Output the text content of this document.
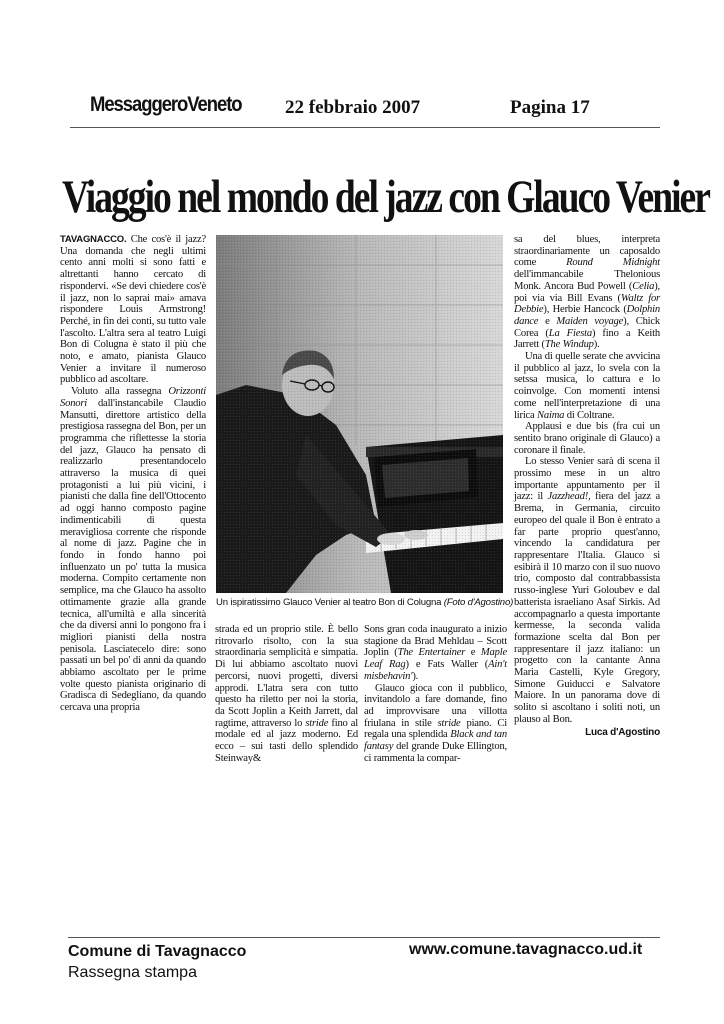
MessaggeroVeneto 22 febbraio 2007	Pagina 17
Viaggio nel mondo del jazz con Glauco Venier

TAVAGNACCO. Che cos'è il jazz? Una domanda che negli ultimi cento anni molti si sono fatti e altrettanti hanno cercato di rispondervi. «Se devi chiedere cos'è il jazz, non lo saprai mai» amava rispondere Louis Armstrong! Perché, in fin dei conti, su tutto vale l'ascolto. L'altra sera al teatro Luigi Bon di Colugna è stato il più che noto, e amato, pianista Glauco Venier a invitare il numeroso pubblico ad ascoltare.

Voluto alla rassegna Orizzonti Sonori dall'instancabile Claudio Mansutti, direttore artistico della prestigiosa rassegna del Bon, per un programma che riflettesse la storia del jazz, Glauco ha pensato di realizzarlo presentandocelo attraverso la musica di quei protagonisti a lui più vicini, i pianisti che dalla fine dell'Ottocento ad oggi hanno composto pagine indimenticabili di questa meravigliosa corrente che risponde al nome di jazz. Pagine che in fondo in fondo hanno poi influenzato un po' tutta la musica moderna. Compito certamente non semplice, ma che Glauco ha assolto ottimamente grazie alla grande tecnica, all'umiltà e alla sincerità che da diversi anni lo pongono fra i migliori pianisti della nostra penisola. Lasciatecelo dire: sono passati un bel po' di anni da quando abbiamo ascoltato per le prime volte questo pianista originario di Gradisca di Sedegliano, da quando cercava una propria

Un ispiratissimo Glauco Venier al teatro Bon di Colugna (Foto d'Agostino)

strada ed un proprio stile. È bello ritrovarlo risolto, con la sua straordinaria semplicità e simpatia. Di lui abbiamo ascoltato nuovi percorsi, nuovi progetti, diversi approdi. L'latra sera con tutto questo ha riletto per noi la storia, da Scott Joplin a Keith Jarrett, dal ragtime, attraverso lo stride fino al modale ed al jazz moderno. Ed ecco – sui tasti dello splendido Steinway&

Sons gran coda inaugurato a inizio stagione da Brad Mehldau – Scott Joplin (The Entertainer e Maple Leaf Rag) e Fats Waller (Ain't misbehavin').

Glauco gioca con il pubblico, invitandolo a fare domande, fino ad improvvisare una villotta friulana in stile stride piano. Ci regala una splendida Black and tan fantasy del grande Duke Ellington, ci rammenta la compar-

sa del blues, interpreta straordinariamente un caposaldo come Round Midnight dell'immancabile Thelonious Monk. Ancora Bud Powell (Celia), poi via via Bill Evans (Waltz for Debbie), Herbie Hancock (Dolphin dance e Maiden voyage), Chick Corea (La Fiesta) fino a Keith Jarrett (The Windup).

Una di quelle serate che avvicina il pubblico al jazz, lo svela con la setssa musica, lo cattura e lo coinvolge. Con momenti intensi come nell'interpretazione di una lirica Naima di Coltrane.

Applausi e due bis (fra cui un sentito brano originale di Glauco) a coronare il finale.

Lo stesso Venier sarà di scena il prossimo mese in un altro importante appuntamento per il jazz: il Jazzhead!, fiera del jazz a Brema, in Germania, circuito europeo del quale il Bon è entrato a far parte proprio quest'anno, vincendo la candidatura per rappresentare l'Italia. Glauco si esibirà il 10 marzo con il suo nuovo trio, composto dal contrabbassista russo-inglese Yuri Goloubev e dal batterista israeliano Asaf Sirkis. Ad accompagnarlo a questa importante kermesse, la seconda valida formazione scelta dal Bon per rappresentare il jazz italiano: un progetto con la cantante Anna Maria Castelli, Kyle Gregory, Simone Guiducci e Salvatore Maiore. In un panorama dove di solito si ascoltano i soliti noti, un plauso al Bon.

Luca d'Agostino
Comune di Tavagnacco
Rassegna stampa
www.comune.tavagnacco.ud.it
